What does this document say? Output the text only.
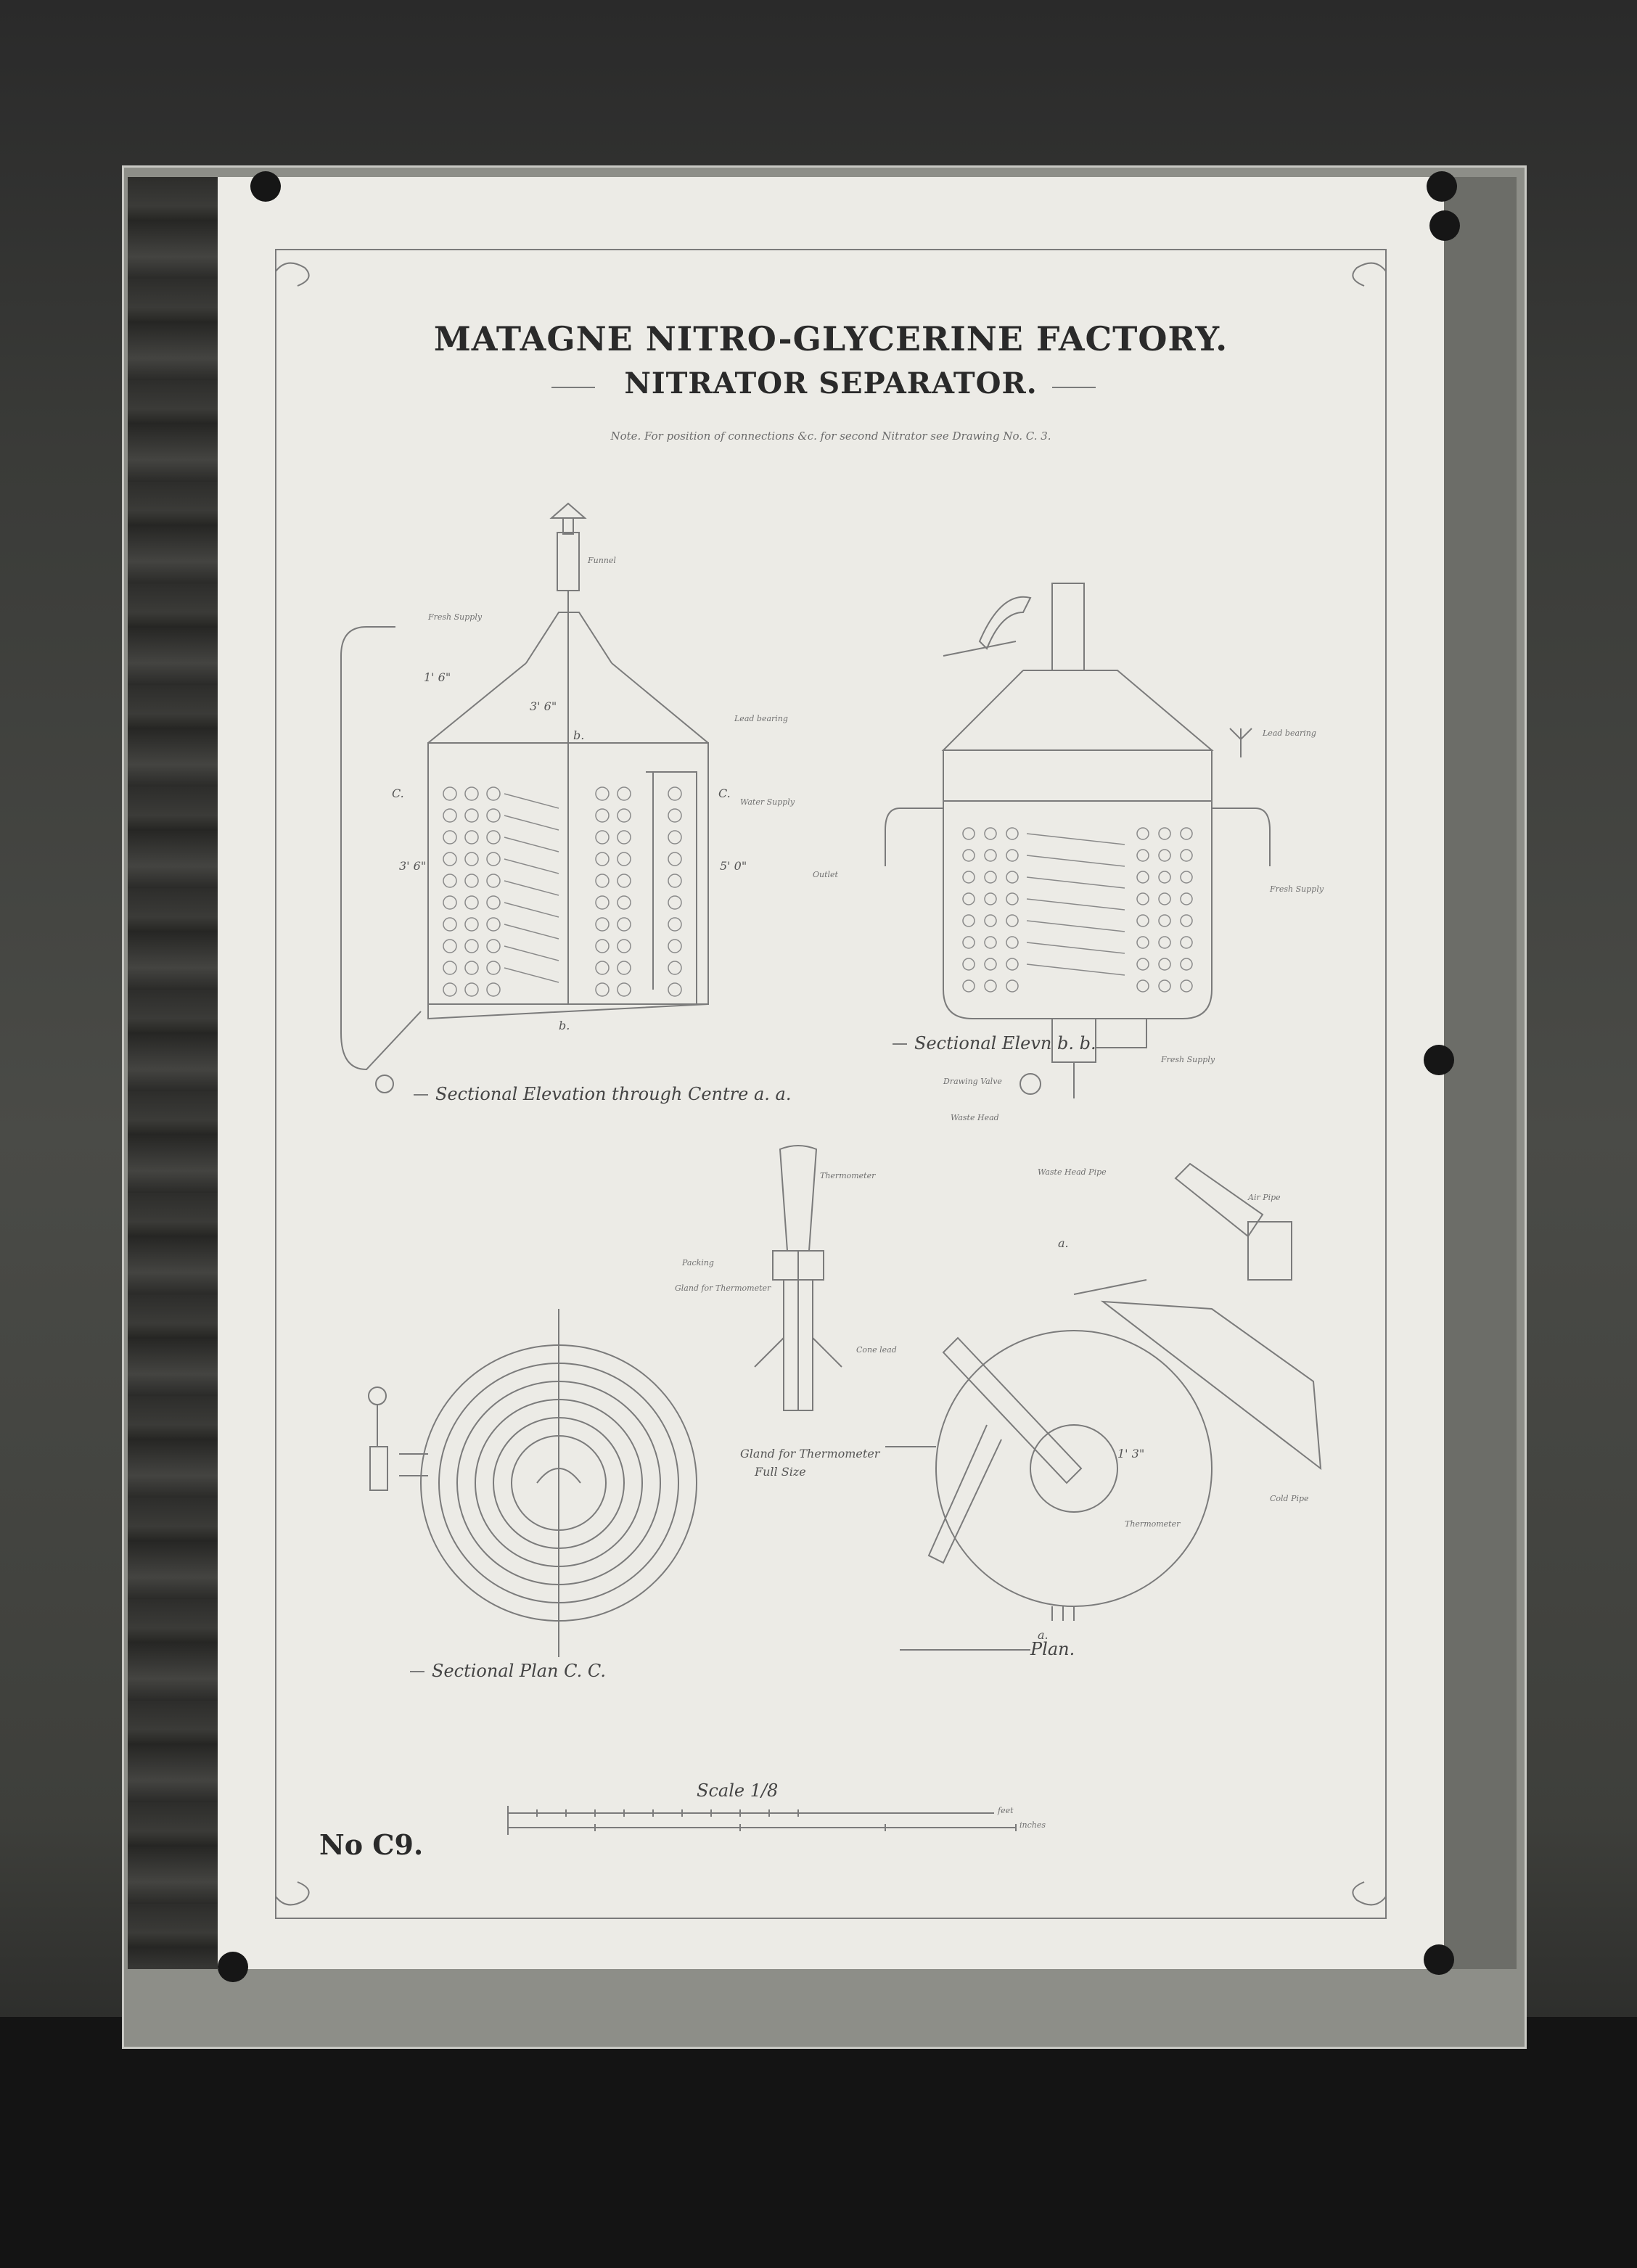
Fresh Supply
Funnel
1' 6"
3' 6"
3' 6"	5' 0"
b.
b.
C.	C.
Water Supply
Lead bearing
Outlet
Lead bearing
Fresh Supply
Fresh Supply
Drawing Valve
Waste Head
Thermometer
Packing
Gland for Thermometer
Cone lead
Gland for Thermometer
Full Size
Waste Head Pipe
Air Pipe
Thermometer
Cold Pipe
1' 3"
a.
a.
feet
inches
Sectional Elevation through Centre a. a.
Sectional Elevn b. b.
Sectional Plan C. C.
Plan.
Scale 1/8
MATAGNE NITRO-GLYCERINE FACTORY.
NITRATOR SEPARATOR.
Note. For position of connections &c. for second Nitrator see Drawing No. C. 3.
No C9.
